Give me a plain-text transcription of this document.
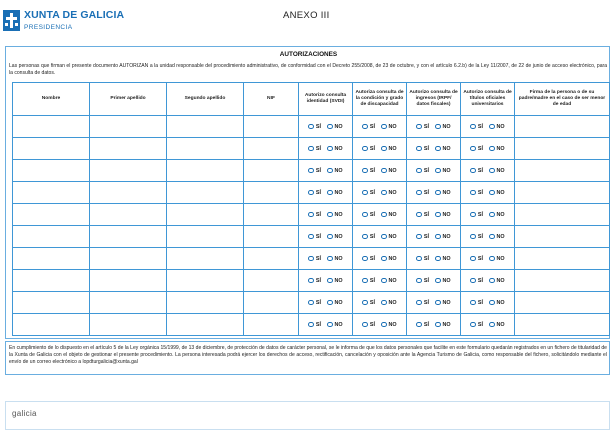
XUNTA DE GALICIA
PRESIDENCIA
ANEXO III
AUTORIZACIONES
Las personas que firman el presente documento AUTORIZAN a la unidad responsable del procedimiento administrativo, de conformidad con el Decreto 255/2008, de 23 de octubre, y con el artículo 6.2.b) de la Ley 11/2007, de 22 de junio de acceso electrónico, para la consulta de datos.
Nombre	Primer apellido	Segundo apellido	NIF	Autorizo consulta identidad (SVDI)	Autoriza consulta de la condición y grado de discapacidad	Autorizo consulta de ingresos (IRPF/ datos fiscales)	Autorizo consulta de títulos oficiales universitarios	Firma de la persona o de su padre/madre en el caso de ser menor de edad

				SÍ NO	SÍ NO	SÍ NO	SÍ NO	

				SÍ NO	SÍ NO	SÍ NO	SÍ NO	

				SÍ NO	SÍ NO	SÍ NO	SÍ NO	

				SÍ NO	SÍ NO	SÍ NO	SÍ NO	

				SÍ NO	SÍ NO	SÍ NO	SÍ NO	

				SÍ NO	SÍ NO	SÍ NO	SÍ NO	

				SÍ NO	SÍ NO	SÍ NO	SÍ NO	

				SÍ NO	SÍ NO	SÍ NO	SÍ NO	

				SÍ NO	SÍ NO	SÍ NO	SÍ NO	

				SÍ NO	SÍ NO	SÍ NO	SÍ NO	

En cumplimiento de lo dispuesto en el artículo 5 de la Ley orgánica 15/1999, de 13 de diciembre, de protección de datos de carácter personal, se le informa de que los datos personales que facilite en este formulario quedarán registrados en un fichero de titularidad de la Xunta de Galicia con el objeto de gestionar el presente procedimiento. La persona interesada podrá ejercer los derechos de acceso, rectificación, cancelación y oposición ante la Agencia Turismo de Galicia, como responsable del fichero, solicitándolo mediante el envío de un correo electrónico a lopdturgalicia@xunta.gal
galicia
